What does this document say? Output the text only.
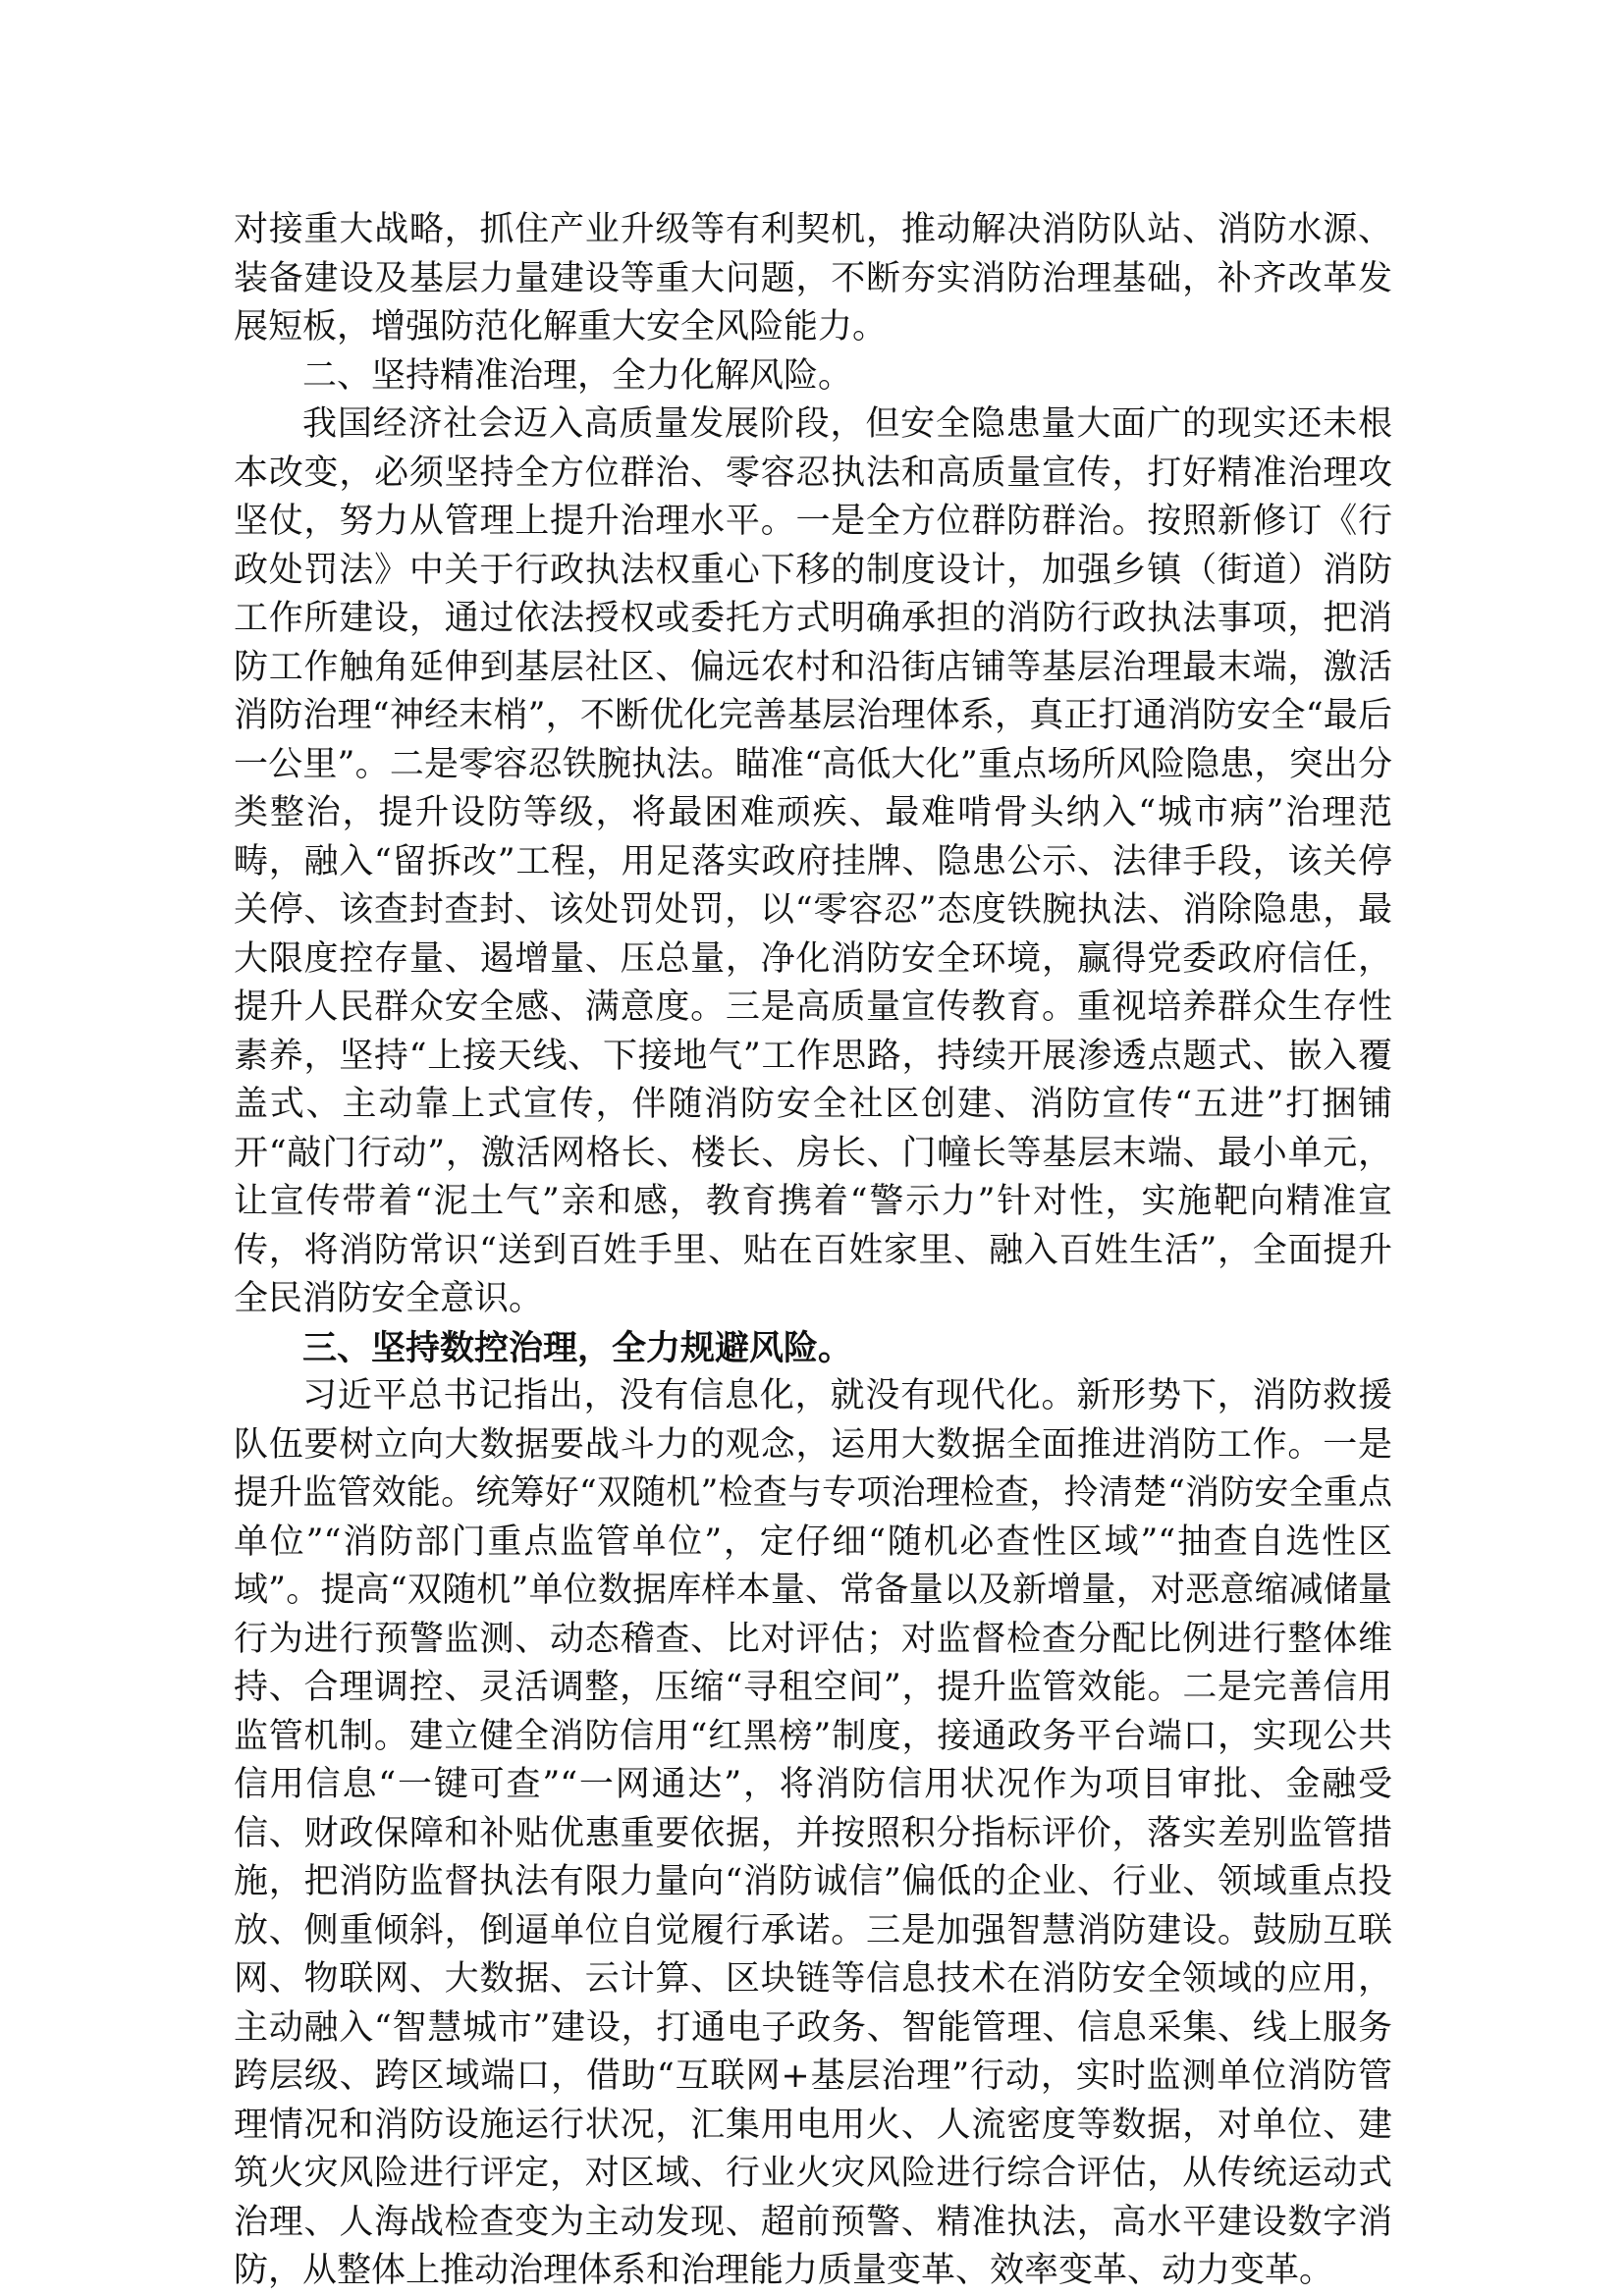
对接重大战略，抓住产业升级等有利契机，推动解决消防队站、消防水源、装备建设及基层力量建设等重大问题，不断夯实消防治理基础，补齐改革发展短板，增强防范化解重大安全风险能力。

二、坚持精准治理，全力化解风险。

我国经济社会迈入高质量发展阶段，但安全隐患量大面广的现实还未根本改变，必须坚持全方位群治、零容忍执法和高质量宣传，打好精准治理攻坚仗，努力从管理上提升治理水平。一是全方位群防群治。按照新修订《行政处罚法》中关于行政执法权重心下移的制度设计，加强乡镇（街道）消防工作所建设，通过依法授权或委托方式明确承担的消防行政执法事项，把消防工作触角延伸到基层社区、偏远农村和沿街店铺等基层治理最末端，激活消防治理“神经末梢”，不断优化完善基层治理体系，真正打通消防安全“最后一公里”。二是零容忍铁腕执法。瞄准“高低大化”重点场所风险隐患，突出分类整治，提升设防等级，将最困难顽疾、最难啃骨头纳入“城市病”治理范畴，融入“留拆改”工程，用足落实政府挂牌、隐患公示、法律手段，该关停关停、该查封查封、该处罚处罚，以“零容忍”态度铁腕执法、消除隐患，最大限度控存量、遏增量、压总量，净化消防安全环境，赢得党委政府信任，提升人民群众安全感、满意度。三是高质量宣传教育。重视培养群众生存性素养，坚持“上接天线、下接地气”工作思路，持续开展渗透点题式、嵌入覆盖式、主动靠上式宣传，伴随消防安全社区创建、消防宣传“五进”打捆铺开“敲门行动”，激活网格长、楼长、房长、门幢长等基层末端、最小单元，让宣传带着“泥土气”亲和感，教育携着“警示力”针对性，实施靶向精准宣传，将消防常识“送到百姓手里、贴在百姓家里、融入百姓生活”，全面提升全民消防安全意识。

三、坚持数控治理，全力规避风险。

习近平总书记指出，没有信息化，就没有现代化。新形势下，消防救援队伍要树立向大数据要战斗力的观念，运用大数据全面推进消防工作。一是提升监管效能。统筹好“双随机”检查与专项治理检查，拎清楚“消防安全重点单位”“消防部门重点监管单位”，定仔细“随机必查性区域”“抽查自选性区域”。提高“双随机”单位数据库样本量、常备量以及新增量，对恶意缩减储量行为进行预警监测、动态稽查、比对评估；对监督检查分配比例进行整体维持、合理调控、灵活调整，压缩“寻租空间”，提升监管效能。二是完善信用监管机制。建立健全消防信用“红黑榜”制度，接通政务平台端口，实现公共信用信息“一键可查”“一网通达”，将消防信用状况作为项目审批、金融受信、财政保障和补贴优惠重要依据，并按照积分指标评价，落实差别监管措施，把消防监督执法有限力量向“消防诚信”偏低的企业、行业、领域重点投放、侧重倾斜，倒逼单位自觉履行承诺。三是加强智慧消防建设。鼓励互联网、物联网、大数据、云计算、区块链等信息技术在消防安全领域的应用，主动融入“智慧城市”建设，打通电子政务、智能管理、信息采集、线上服务跨层级、跨区域端口，借助“互联网+基层治理”行动，实时监测单位消防管理情况和消防设施运行状况，汇集用电用火、人流密度等数据，对单位、建筑火灾风险进行评定，对区域、行业火灾风险进行综合评估，从传统运动式治理、人海战检查变为主动发现、超前预警、精准执法，高水平建设数字消防，从整体上推动治理体系和治理能力质量变革、效率变革、动力变革。
